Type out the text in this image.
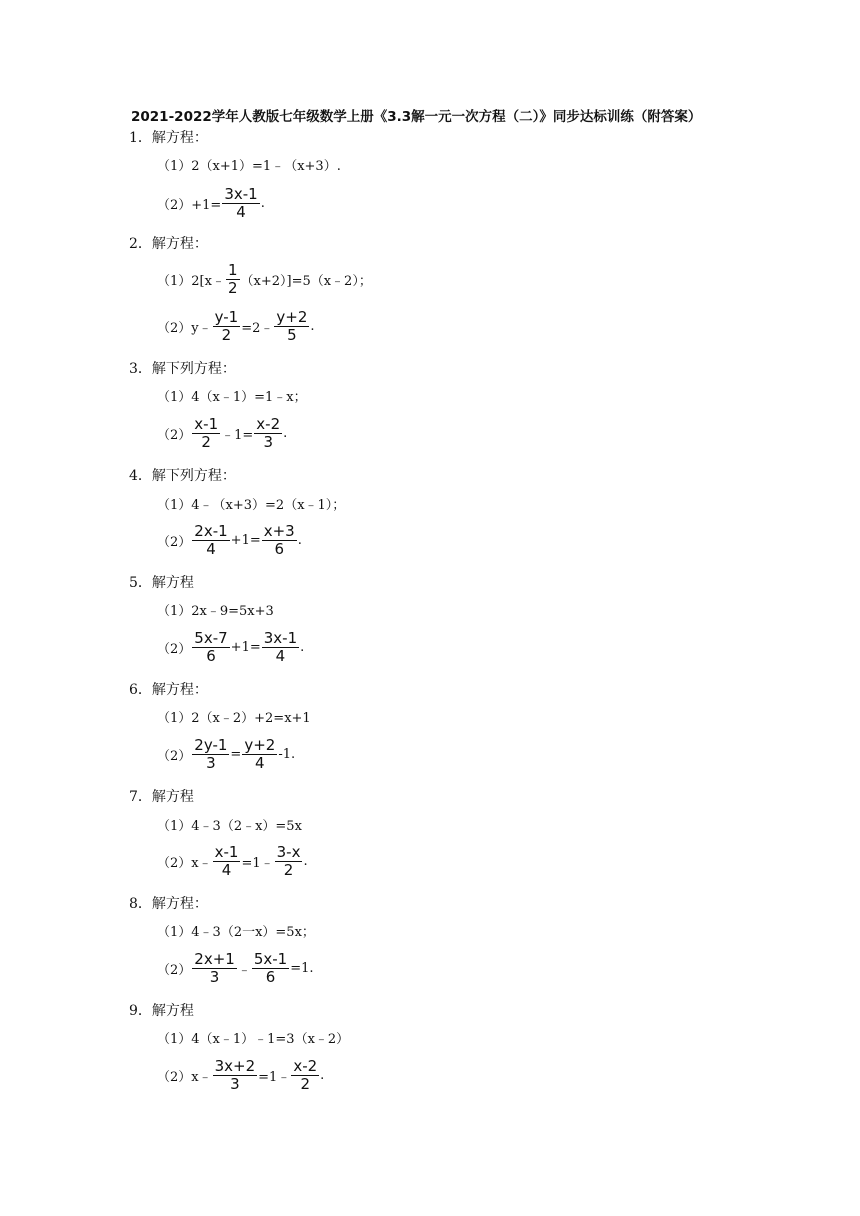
2021-2022学年人教版七年级数学上册《3.3解一元一次方程（二）》同步达标训练（附答案）
1．解方程：
（1）2（x+1）=1﹣（x+3）.
$(2)+1= \frac{3x-1}{4}$ .
2．解方程：
（1）2[x﹣ $\frac{1}{2}$ （x+2）]=5（x﹣2）；
（2）y﹣ $\frac{y-1}{2}$ =2﹣ $\frac{y+2}{5}$ .
3．解下列方程：
（1）4（x﹣1）=1﹣x；
$(2) \frac{x-1}{2}$ ﹣1= $\frac{x-2}{3}$ .
4．解下列方程：
（1）4﹣（x+3）=2（x﹣1）；
$(2) \frac{2x-1}{4} +1= \frac{x+3}{6}$ .
5．解方程
（1）2x﹣9=5x+3
$(2) \frac{5x-7}{6} +1= \frac{3x-1}{4}$ .
6．解方程：
（1）2（x﹣2）+2=x+1
$(2) \frac{2y-1}{3} = \frac{y+2}{4} -1$.
7．解方程
（1）4﹣3（2﹣x）=5x
（2）x﹣ $\frac{x-1}{4}$ =1﹣ $\frac{3-x}{2}$ .
8．解方程：
（1）4﹣3（2一x）=5x；
$(2) \frac{2x+1}{3}$ ﹣ $\frac{5x-1}{6} =1$.
9．解方程
（1）4（x﹣1）﹣1=3（x﹣2）
（2）x﹣ $\frac{3x+2}{3}$ =1﹣ $\frac{x-2}{2}$ .
